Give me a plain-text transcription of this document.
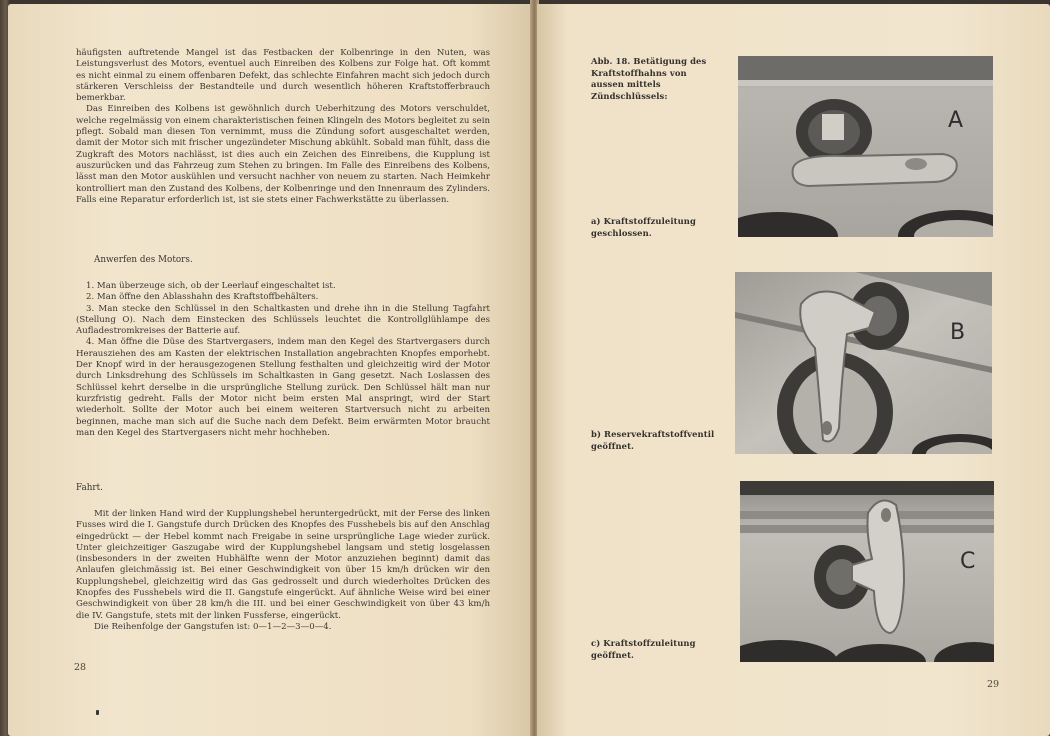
häufigsten auftretende Mangel ist das Festbacken der Kolbenringe in den Nuten, was Leistungsverlust des Motors, eventuel auch Einreiben des Kolbens zur Folge hat. Oft kommt es nicht einmal zu einem offenbaren Defekt, das schlechte Einfahren macht sich jedoch durch stärkeren Verschleiss der Bestandteile und durch wesentlich höheren Kraftstofferbrauch bemerkbar.

Das Einreiben des Kolbens ist gewöhnlich durch Ueberhitzung des Motors verschuldet, welche regelmässig von einem charakteristischen feinen Klingeln des Motors begleitet zu sein pflegt. Sobald man diesen Ton vernimmt, muss die Zündung sofort ausgeschaltet werden, damit der Motor sich mit frischer ungezündeter Mischung abkühlt. Sobald man fühlt, dass die Zugkraft des Motors nachlässt, ist dies auch ein Zeichen des Einreibens, die Kupplung ist auszurücken und das Fahrzeug zum Stehen zu bringen. Im Falle des Einreibens des Kolbens, lässt man den Motor auskühlen und versucht nachher von neuem zu starten. Nach Heimkehr kontrolliert man den Zustand des Kolbens, der Kolbenringe und den Innenraum des Zylinders. Falls eine Reparatur erforderlich ist, ist sie stets einer Fachwerkstätte zu überlassen.

Anwerfen des Motors.

1. Man überzeuge sich, ob der Leerlauf eingeschaltet ist.

2. Man öffne den Ablasshahn des Kraftstoffbehälters.

3. Man stecke den Schlüssel in den Schaltkasten und drehe ihn in die Stellung Tagfahrt (Stellung O). Nach dem Einstecken des Schlüssels leuchtet die Kontrollglühlampe des Aufladestromkreises der Batterie auf.

4. Man öffne die Düse des Startvergasers, indem man den Kegel des Startvergasers durch Herausziehen des am Kasten der elektrischen Installation angebrachten Knopfes emporhebt. Der Knopf wird in der herausgezogenen Stellung festhalten und gleichzeitig wird der Motor durch Linksdrehung des Schlüssels im Schaltkasten in Gang gesetzt. Nach Loslassen des Schlüssel kehrt derselbe in die ursprüngliche Stellung zurück. Den Schlüssel hält man nur kurzfristig gedreht. Falls der Motor nicht beim ersten Mal anspringt, wird der Start wiederholt. Sollte der Motor auch bei einem weiteren Startversuch nicht zu arbeiten beginnen, mache man sich auf die Suche nach dem Defekt. Beim erwärmten Motor braucht man den Kegel des Startvergasers nicht mehr hochheben.

Fahrt.

Mit der linken Hand wird der Kupplungshebel heruntergedrückt, mit der Ferse des linken Fusses wird die I. Gangstufe durch Drücken des Knopfes des Fusshebels bis auf den Anschlag eingedrückt — der Hebel kommt nach Freigabe in seine ursprüngliche Lage wieder zurück. Unter gleichzeitiger Gaszugabe wird der Kupplungshebel langsam und stetig losgelassen (insbesonders in der zweiten Hubhälfte wenn der Motor anzuziehen beginnt) damit das Anlaufen gleichmässig ist. Bei einer Geschwindigkeit von über 15 km/h drücken wir den Kupplungshebel, gleichzeitig wird das Gas gedrosselt und durch wiederholtes Drücken des Knopfes des Fusshebels wird die II. Gangstufe eingerückt. Auf ähnliche Weise wird bei einer Geschwindigkeit von über 28 km/h die III. und bei einer Geschwindigkeit von über 43 km/h die IV. Gangstufe, stets mit der linken Fussferse, eingerückt.

Die Reihenfolge der Gangstufen ist: 0—1—2—3—0—4.

28
Abb. 18. Betätigung des Kraftstoffhahns von aussen mittels Zündschlüssels:
A
a) Kraftstoffzuleitung geschlossen.
B
b) Reservekraftstoffventil geöffnet.
C
c) Kraftstoffzuleitung geöffnet.
29
